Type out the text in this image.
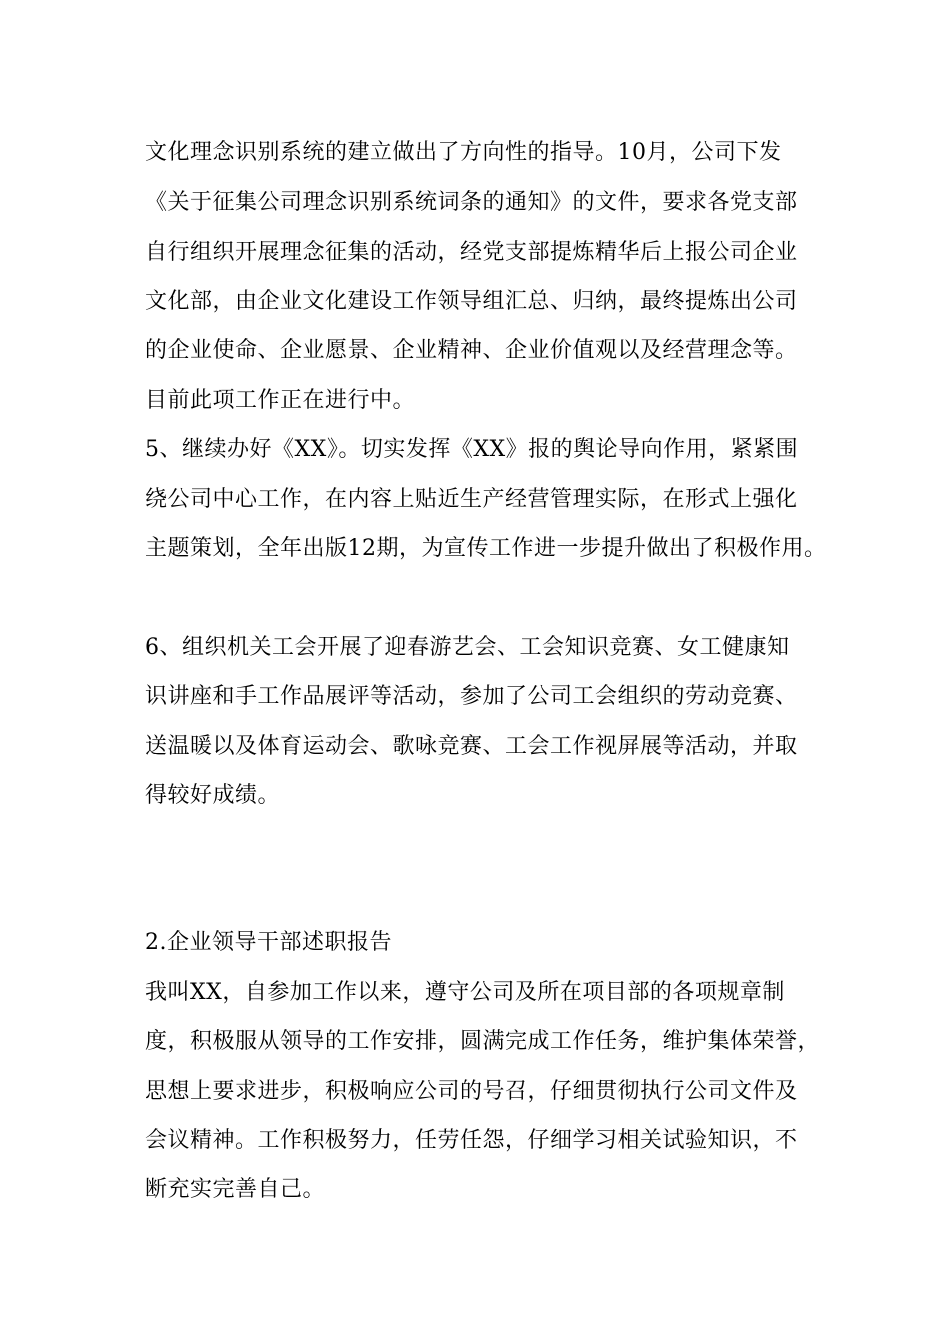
文化理念识别系统的建立做出了方向性的指导。10月，公司下发
《关于征集公司理念识别系统词条的通知》的文件，要求各党支部
自行组织开展理念征集的活动，经党支部提炼精华后上报公司企业
文化部，由企业文化建设工作领导组汇总、归纳，最终提炼出公司
的企业使命、企业愿景、企业精神、企业价值观以及经营理念等。
目前此项工作正在进行中。
5、继续办好《XX》。切实发挥《XX》报的舆论导向作用，紧紧围
绕公司中心工作，在内容上贴近生产经营管理实际，在形式上强化
主题策划，全年出版12期，为宣传工作进一步提升做出了积极作用。
6、组织机关工会开展了迎春游艺会、工会知识竞赛、女工健康知
识讲座和手工作品展评等活动，参加了公司工会组织的劳动竞赛、
送温暖以及体育运动会、歌咏竞赛、工会工作视屏展等活动，并取
得较好成绩。
2.企业领导干部述职报告
我叫XX，自参加工作以来，遵守公司及所在项目部的各项规章制
度，积极服从领导的工作安排，圆满完成工作任务，维护集体荣誉，
思想上要求进步，积极响应公司的号召，仔细贯彻执行公司文件及
会议精神。工作积极努力，任劳任怨，仔细学习相关试验知识，不
断充实完善自己。
